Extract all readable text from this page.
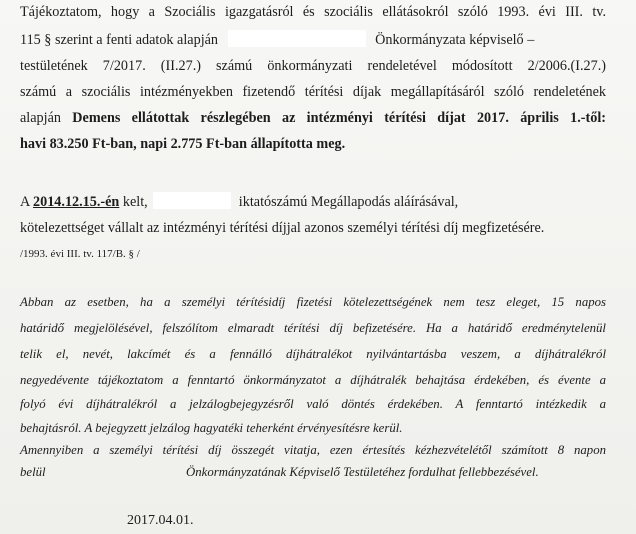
Tájékoztatom, hogy a Szociális igazgatásról és szociális ellátásokról szóló 1993. évi III. tv.
115 § szerint a fenti adatok alapján	Önkormányzata képviselő –
testületének 7/2017. (II.27.) számú önkormányzati rendeletével módosított 2/2006.(I.27.)
számú a szociális intézményekben fizetendő térítési díjak megállapításáról szóló rendeletének
alapján Demens ellátottak részlegében az intézményi térítési díjat 2017. április 1.-től:
havi 83.250 Ft-ban, napi 2.775 Ft-ban állapította meg.
A 2014.12.15.-én kelt,	iktatószámú Megállapodás aláírásával,
kötelezettséget vállalt az intézményi térítési díjjal azonos személyi térítési díj megfizetésére.
/1993. évi III. tv. 117/B. § /
Abban az esetben, ha a személyi térítésidíj fizetési kötelezettségének nem tesz eleget, 15 napos
határidő megjelölésével, felszólítom elmaradt térítési díj befizetésére. Ha a határidő eredménytelenül
telik el, nevét, lakcímét és a fennálló díjhátralékot nyilvántartásba veszem, a díjhátralékról
negyedévente tájékoztatom a fenntartó önkormányzatot a díjhátralék behajtása érdekében, és évente a
folyó évi díjhátralékról a jelzálogbejegyzésről való döntés érdekében. A fenntartó intézkedik a
behajtásról. A bejegyzett jelzálog hagyatéki teherként érvényesítésre kerül.
Amennyiben a személyi térítési díj összegét vitatja, ezen értesítés kézhezvételétől számított 8 napon
belül	Önkormányzatának Képviselő Testületéhez fordulhat fellebbezésével.
2017.04.01.
